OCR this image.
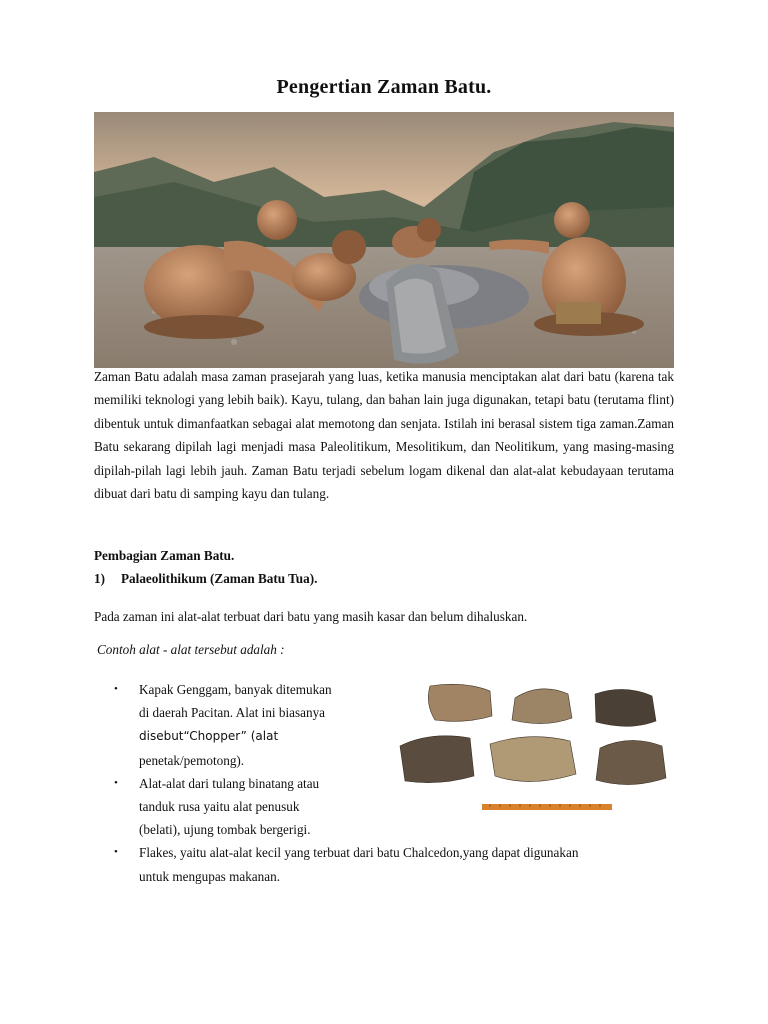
Pengertian Zaman Batu.

Zaman Batu adalah masa zaman prasejarah yang luas, ketika manusia menciptakan alat dari batu (karena tak memiliki teknologi yang lebih baik). Kayu, tulang, dan bahan lain juga digunakan, tetapi batu (terutama flint) dibentuk untuk dimanfaatkan sebagai alat memotong dan senjata. Istilah ini berasal sistem tiga zaman.Zaman Batu sekarang dipilah lagi menjadi masa Paleolitikum, Mesolitikum, dan Neolitikum, yang masing-masing dipilah-pilah lagi lebih jauh. Zaman Batu terjadi sebelum logam dikenal dan alat-alat kebudayaan terutama dibuat dari batu di samping kayu dan tulang.

Pembagian Zaman Batu.

1) Palaeolithikum (Zaman Batu Tua).

Pada zaman ini alat-alat terbuat dari batu yang masih kasar dan belum dihaluskan.

Contoh alat - alat tersebut adalah :

• Kapak Genggam, banyak ditemukan
di daerah Pacitan. Alat ini biasanya
disebut“Chopper” (alat
penetak/pemotong).
• Alat-alat dari tulang binatang atau
tanduk rusa yaitu alat penusuk
(belati), ujung tombak bergerigi.
• Flakes, yaitu alat-alat kecil yang terbuat dari batu Chalcedon,yang dapat digunakan
untuk mengupas makanan.
